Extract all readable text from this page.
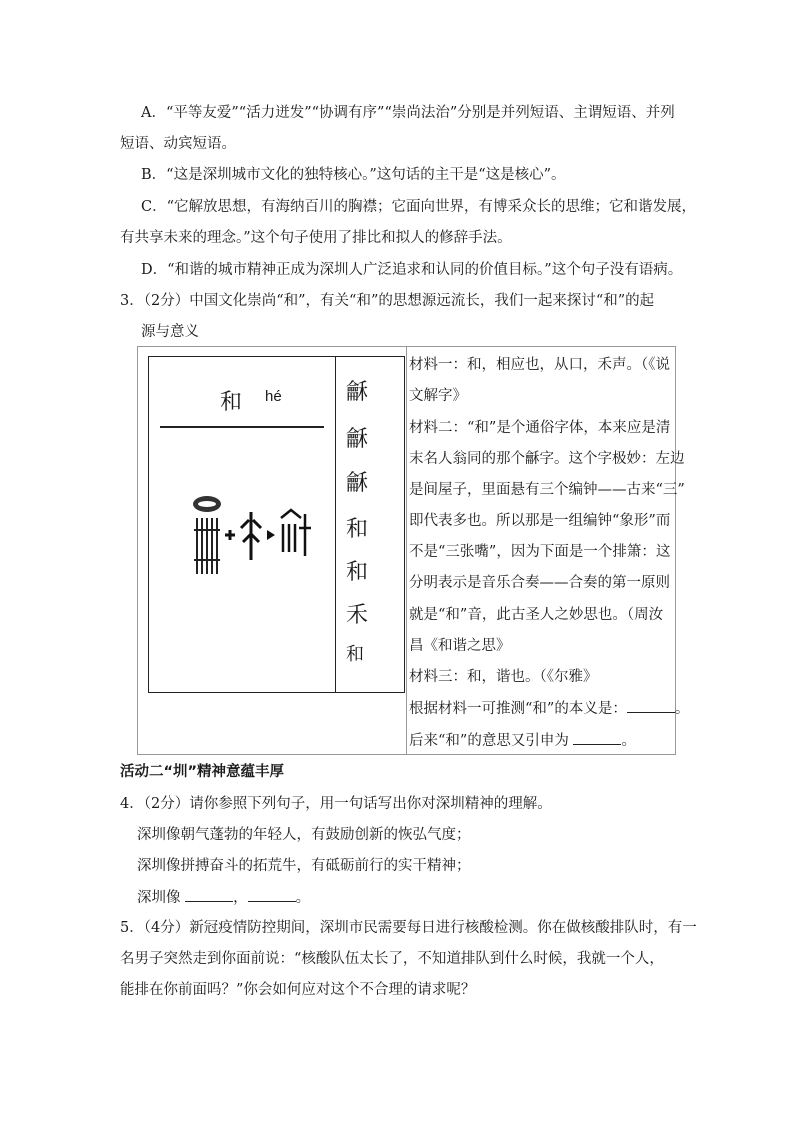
A．“平等友爱”“活力迸发”“协调有序”“崇尚法治”分别是并列短语、主谓短语、并列
短语、动宾短语。
B．“这是深圳城市文化的独特核心。”这句话的主干是“这是核心”。
C．“它解放思想，有海纳百川的胸襟；它面向世界，有博采众长的思维；它和谐发展，
有共享未来的理念。”这个句子使用了排比和拟人的修辞手法。
D．“和谐的城市精神正成为深圳人广泛追求和认同的价值目标。”这个句子没有语病。
3．（2分）中国文化崇尚“和”，有关“和”的思想源远流长，我们一起来探讨“和”的起
源与意义
和 hé	龢
龢
龢
和
和
禾
和
材料一：和，相应也，从口，禾声。（《说
文解字》
材料二：“和”是个通俗字体，本来应是清
末名人翁同的那个龢字。这个字极妙：左边
是间屋子，里面悬有三个编钟——古来“三”
即代表多也。所以那是一组编钟“象形”而
不是“三张嘴”，因为下面是一个排箫：这
分明表示是音乐合奏——合奏的第一原则
就是“和”音，此古圣人之妙思也。（周汝
昌《和谐之思》
材料三：和，谐也。（《尔雅》
根据材料一可推测“和”的本义是：	。
后来“和”的意思又引申为	。
活动二“圳”精神意蕴丰厚
4．（2分）请你参照下列句子，用一句话写出你对深圳精神的理解。
深圳像朝气蓬勃的年轻人，有鼓励创新的恢弘气度；
深圳像拼搏奋斗的拓荒牛，有砥砺前行的实干精神；
深圳像	，	。
5．（4分）新冠疫情防控期间，深圳市民需要每日进行核酸检测。你在做核酸排队时，有一
名男子突然走到你面前说：“核酸队伍太长了，不知道排队到什么时候，我就一个人，
能排在你前面吗？”你会如何应对这个不合理的请求呢？
